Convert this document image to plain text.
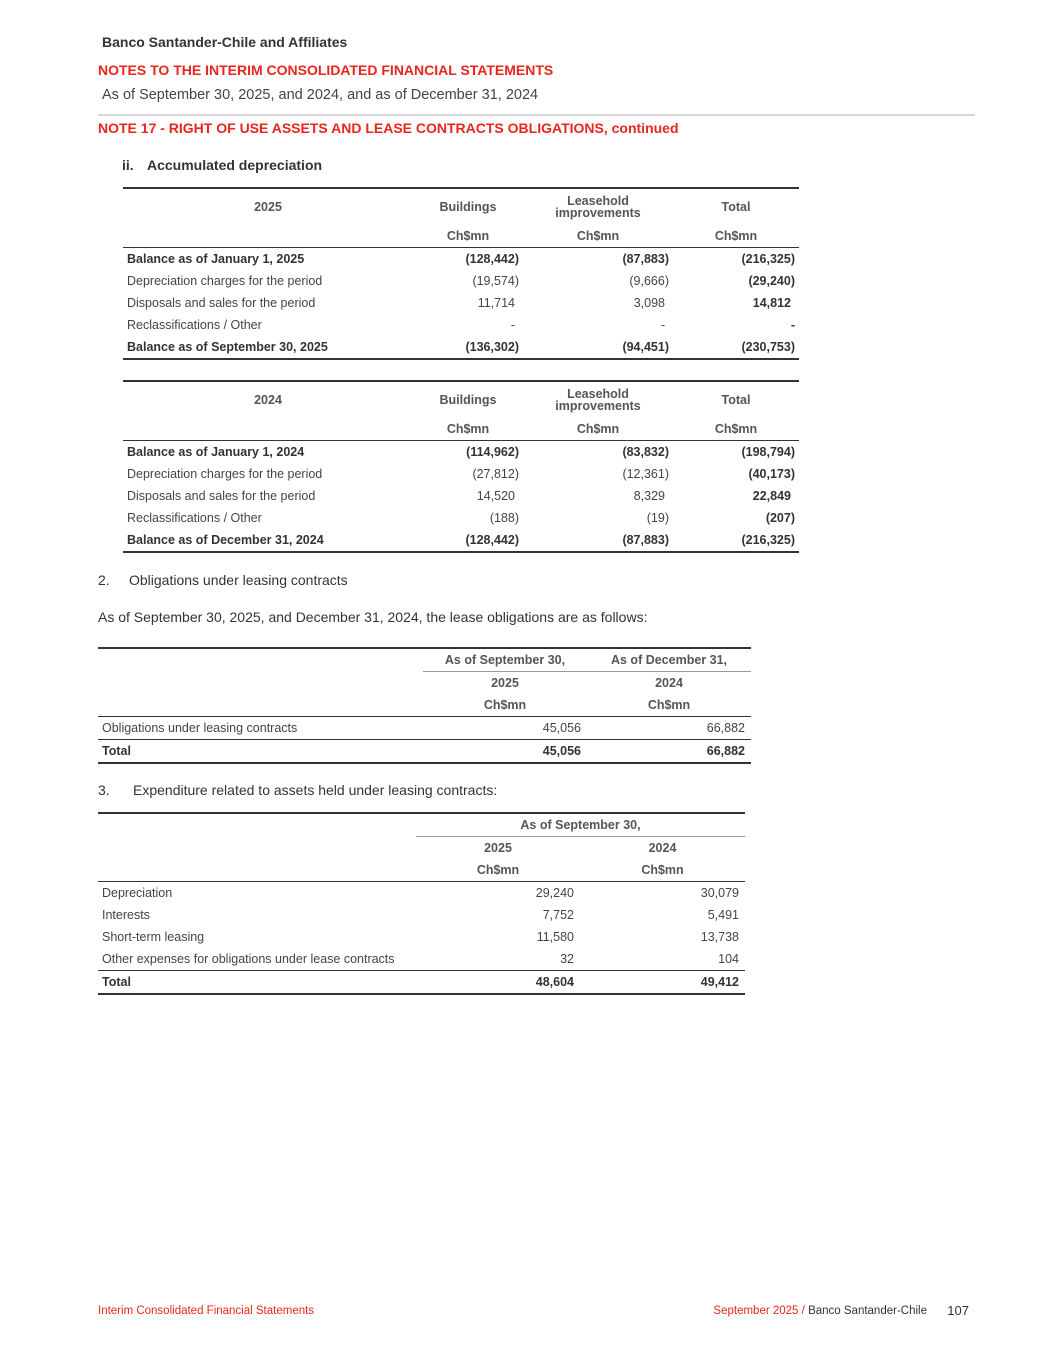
Banco Santander-Chile and Affiliates
NOTES TO THE INTERIM CONSOLIDATED FINANCIAL STATEMENTS
As of September 30, 2025, and 2024, and as of December 31, 2024
NOTE 17 - RIGHT OF USE ASSETS AND LEASE CONTRACTS OBLIGATIONS, continued
ii. Accumulated depreciation
2025	Buildings	Leasehold improvements	Total
	Ch$mn	Ch$mn	Ch$mn
Balance as of January 1, 2025	(128,442)	(87,883)	(216,325)
Depreciation charges for the period	(19,574)	(9,666)	(29,240)
Disposals and sales for the period	11,714	3,098	14,812
Reclassifications / Other	-	-	-
Balance as of September 30, 2025	(136,302)	(94,451)	(230,753)
2024	Buildings	Leasehold improvements	Total
	Ch$mn	Ch$mn	Ch$mn
Balance as of January 1, 2024	(114,962)	(83,832)	(198,794)
Depreciation charges for the period	(27,812)	(12,361)	(40,173)
Disposals and sales for the period	14,520	8,329	22,849
Reclassifications / Other	(188)	(19)	(207)
Balance as of December 31, 2024	(128,442)	(87,883)	(216,325)
2. Obligations under leasing contracts
As of September 30, 2025, and December 31, 2024, the lease obligations are as follows:
	As of September 30,	As of December 31,
	2025	2024
	Ch$mn	Ch$mn
Obligations under leasing contracts	45,056	66,882
Total	45,056	66,882
3. Expenditure related to assets held under leasing contracts:
	As of September 30,	
	2025	2024
	Ch$mn	Ch$mn
Depreciation	29,240	30,079
Interests	7,752	5,491
Short-term leasing	11,580	13,738
Other expenses for obligations under lease contracts	32	104
Total	48,604	49,412
Interim Consolidated Financial Statements	September 2025 / Banco Santander-Chile 107
